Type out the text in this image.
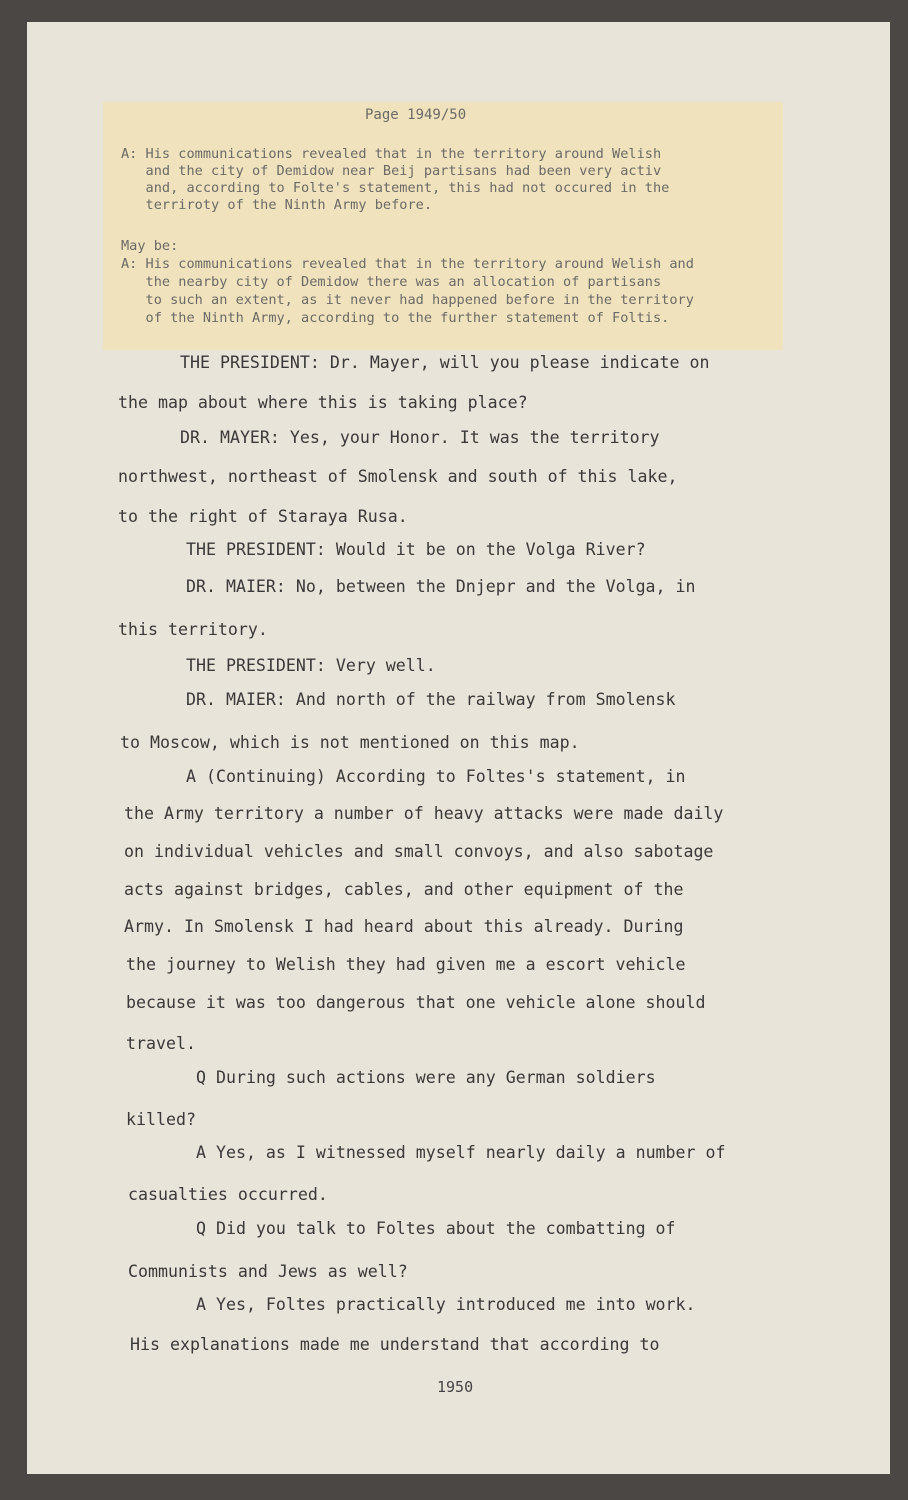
Page 1949/50
A: His communications revealed that in the territory around Welish
and the city of Demidow near Beij partisans had been very activ
and, according to Folte's statement, this had not occured in the
terriroty of the Ninth Army before.
May be:
A: His communications revealed that in the territory around Welish and
the nearby city of Demidow there was an allocation of partisans
to such an extent, as it never had happened before in the territory
of the Ninth Army, according to the further statement of Foltis.
THE PRESIDENT: Dr. Mayer, will you please indicate on
the map about where this is taking place?
DR. MAYER: Yes, your Honor. It was the territory
northwest, northeast of Smolensk and south of this lake,
to the right of Staraya Rusa.
THE PRESIDENT: Would it be on the Volga River?
DR. MAIER: No, between the Dnjepr and the Volga, in
this territory.
THE PRESIDENT: Very well.
DR. MAIER: And north of the railway from Smolensk
to Moscow, which is not mentioned on this map.
A (Continuing) According to Foltes's statement, in
the Army territory a number of heavy attacks were made daily
on individual vehicles and small convoys, and also sabotage
acts against bridges, cables, and other equipment of the
Army. In Smolensk I had heard about this already. During
the journey to Welish they had given me a escort vehicle
because it was too dangerous that one vehicle alone should
travel.
Q During such actions were any German soldiers
killed?
A Yes, as I witnessed myself nearly daily a number of
casualties occurred.
Q Did you talk to Foltes about the combatting of
Communists and Jews as well?
A Yes, Foltes practically introduced me into work.
His explanations made me understand that according to
1950
